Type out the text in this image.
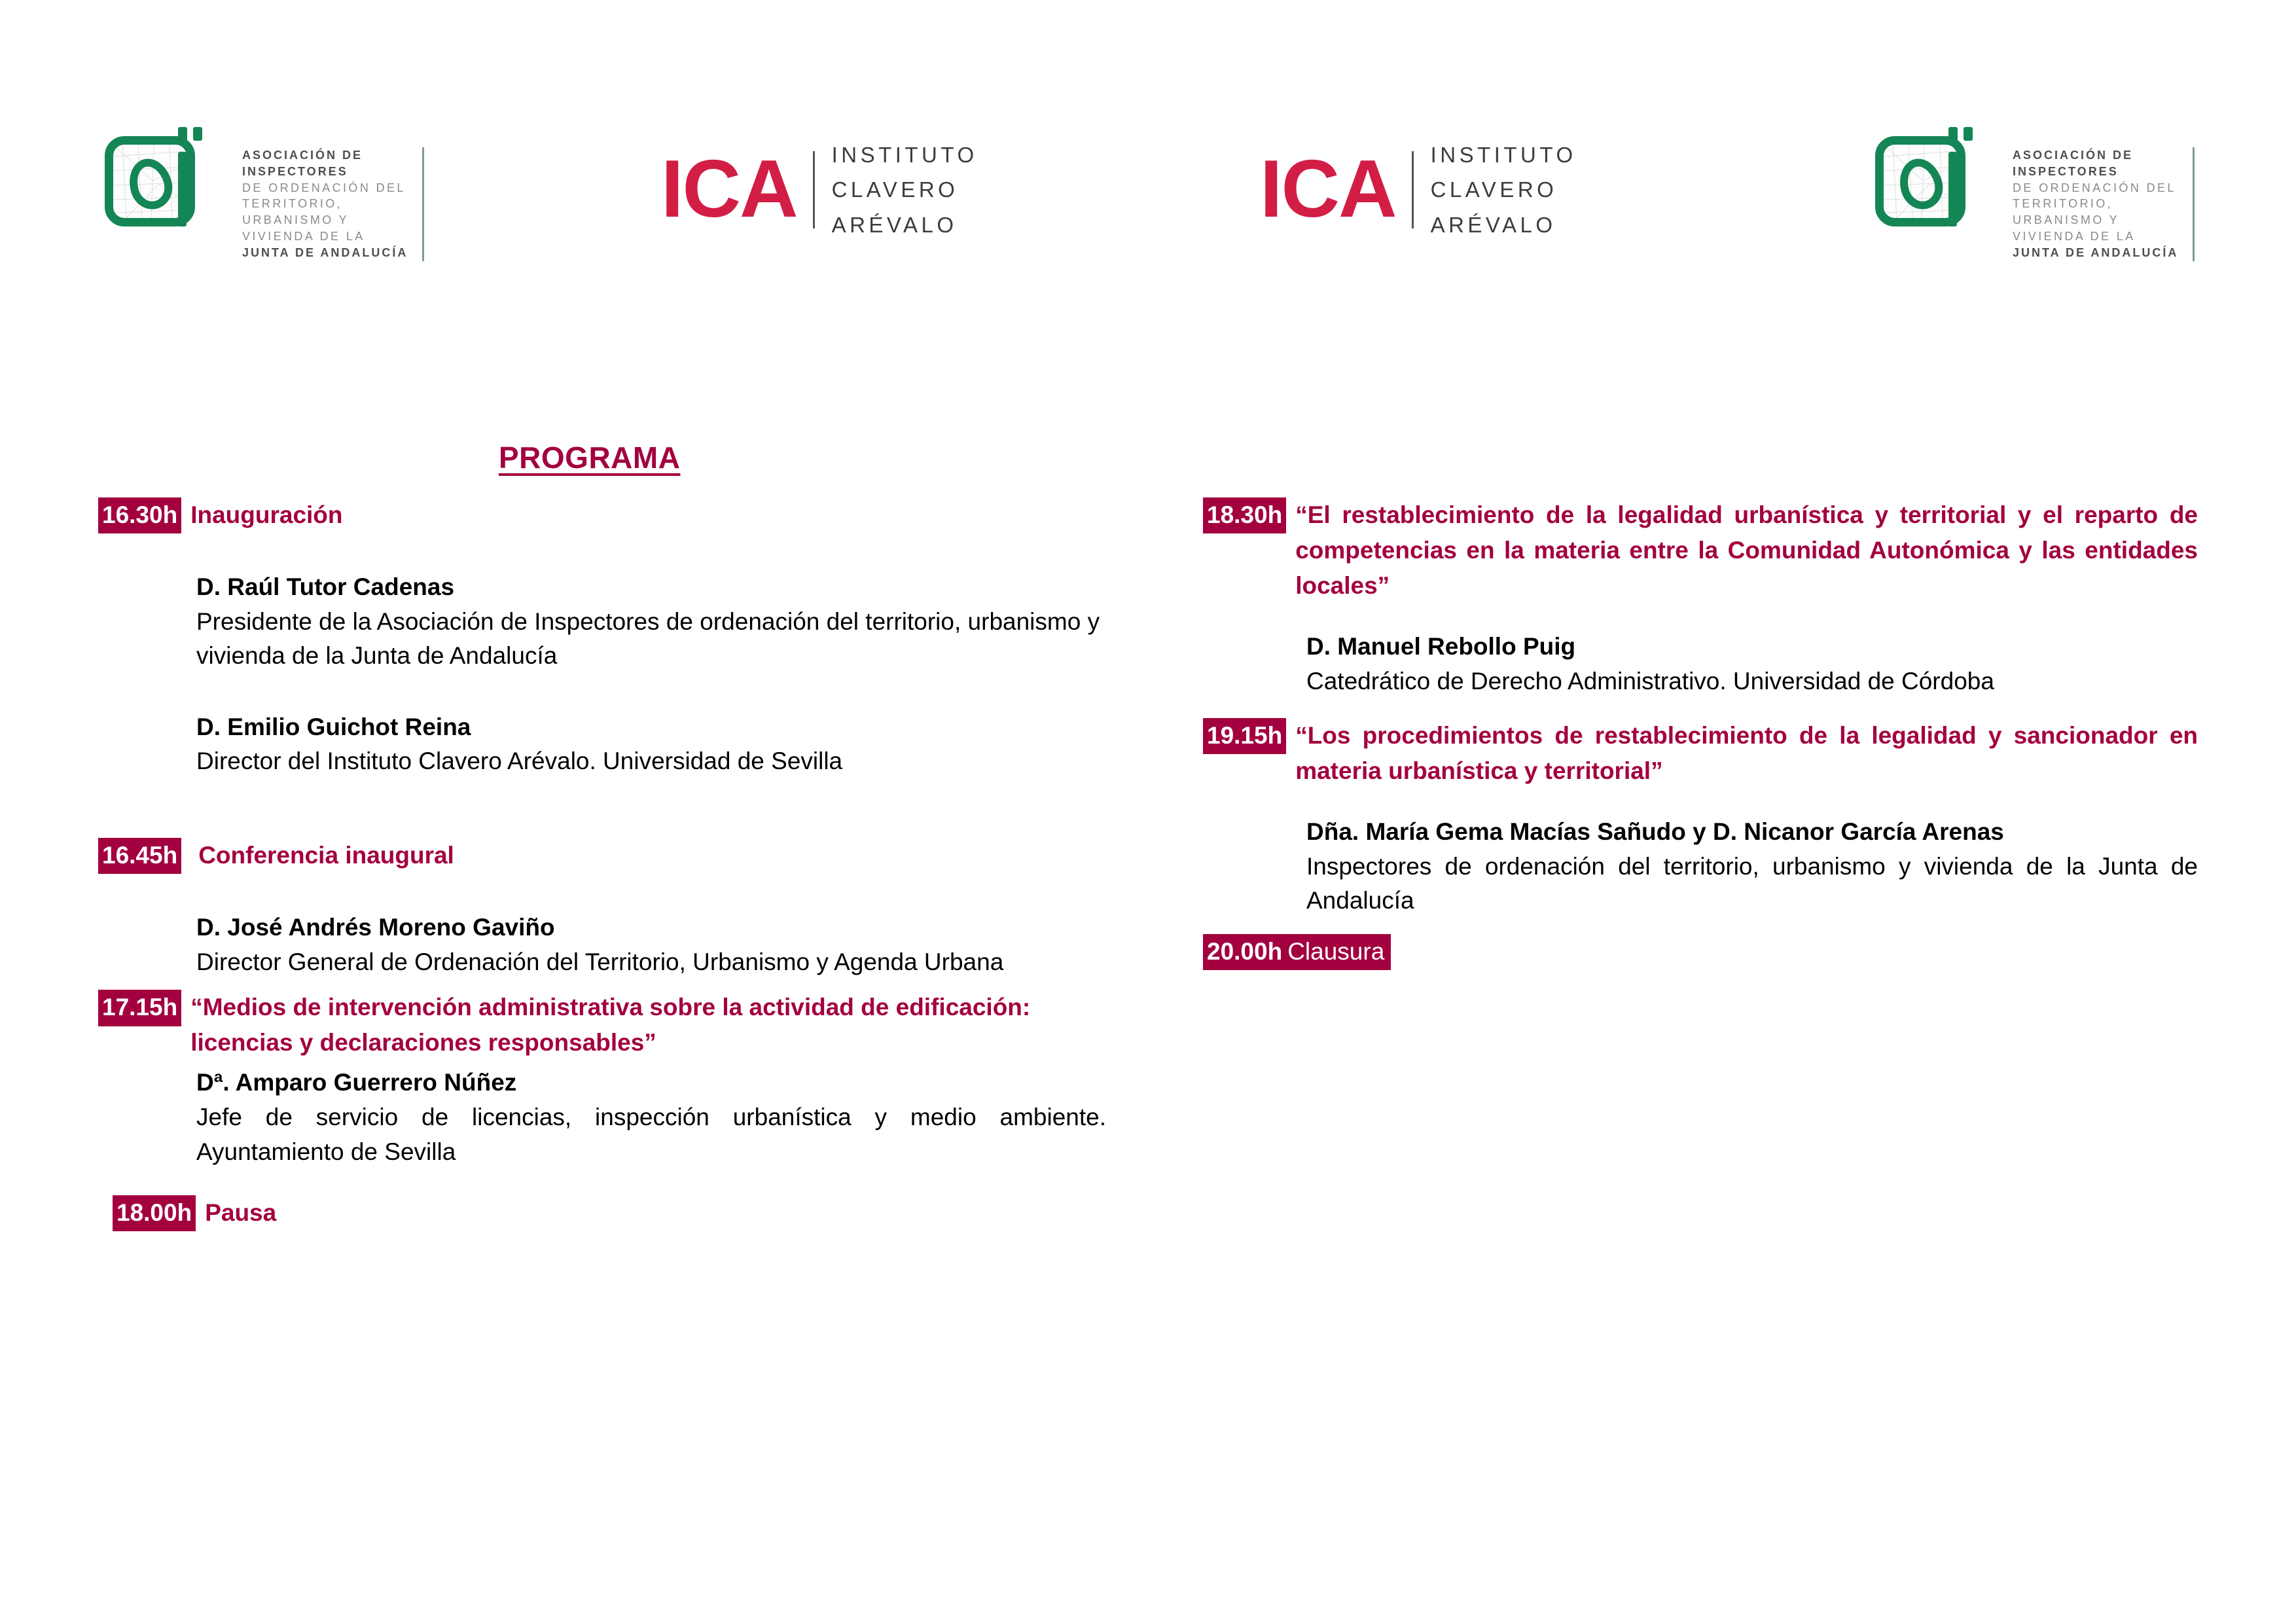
ASOCIACIÓN DE
INSPECTORES
DE ORDENACIÓN DEL
TERRITORIO,
URBANISMO Y
VIVIENDA DE LA
JUNTA DE ANDALUCÍA
ICA INSTITUTO
CLAVERO
ARÉVALO	ICA INSTITUTO
CLAVERO
ARÉVALO
ASOCIACIÓN DE
INSPECTORES
DE ORDENACIÓN DEL
TERRITORIO,
URBANISMO Y
VIVIENDA DE LA
JUNTA DE ANDALUCÍA
PROGRAMA
16.30h Inauguración
D. Raúl Tutor Cadenas
Presidente de la Asociación de Inspectores de ordenación del territorio, urbanismo y vivienda de la Junta de Andalucía
D. Emilio Guichot Reina
Director del Instituto Clavero Arévalo. Universidad de Sevilla
16.45h Conferencia inaugural
D. José Andrés Moreno Gaviño
Director General de Ordenación del Territorio, Urbanismo y Agenda Urbana
17.15h “Medios de intervención administrativa sobre la actividad de edificación: licencias y declaraciones responsables”
Dª. Amparo Guerrero Núñez
Jefe de servicio de licencias, inspección urbanística y medio ambiente. Ayuntamiento de Sevilla
18.00h Pausa
18.30h “El restablecimiento de la legalidad urbanística y territorial y el reparto de competencias en la materia entre la Comunidad Autonómica y las entidades locales”
D. Manuel Rebollo Puig
Catedrático de Derecho Administrativo. Universidad de Córdoba
19.15h “Los procedimientos de restablecimiento de la legalidad y sancionador en materia urbanística y territorial”
Dña. María Gema Macías Sañudo y D. Nicanor García Arenas
Inspectores de ordenación del territorio, urbanismo y vivienda de la Junta de Andalucía
20.00h Clausura
